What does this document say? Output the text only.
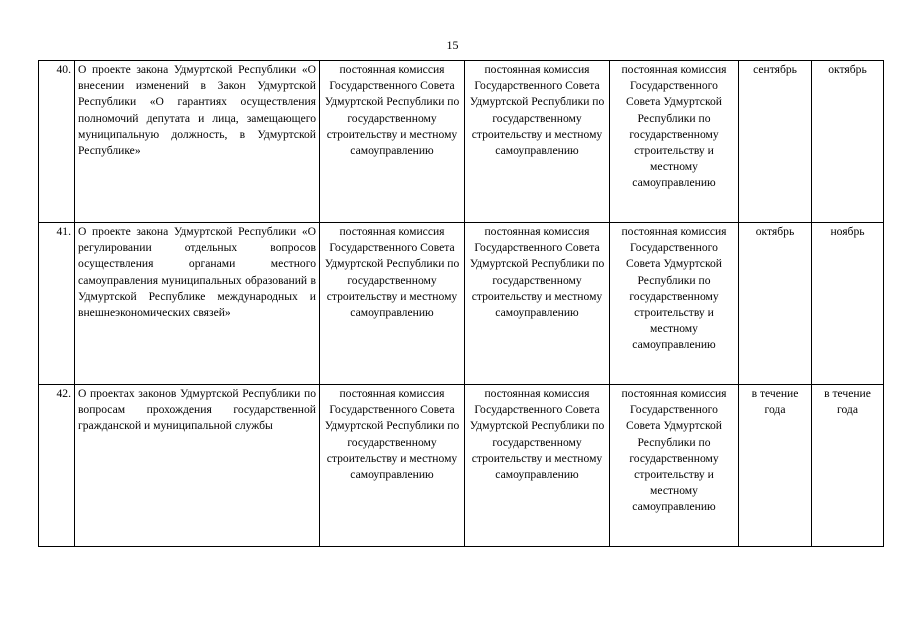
15
40.	О проекте закона Удмуртской Республики «О внесении изменений в Закон Удмуртской Республики «О гарантиях осуществления полномочий депутата и лица, замещающего муниципальную должность, в Удмуртской Республике»	постоянная комиссия Государственного Совета Удмуртской Республики по государственному строительству и местному самоуправлению	постоянная комиссия Государственного Совета Удмуртской Республики по государственному строительству и местному самоуправлению	постоянная комиссия Государственного Совета Удмуртской Республики по государственному строительству и местному самоуправлению	сентябрь	октябрь
41.	О проекте закона Удмуртской Республики «О регулировании отдельных вопросов осуществления органами местного самоуправления муниципальных образований в Удмуртской Республике международных и внешнеэкономических связей»	постоянная комиссия Государственного Совета Удмуртской Республики по государственному строительству и местному самоуправлению	постоянная комиссия Государственного Совета Удмуртской Республики по государственному строительству и местному самоуправлению	постоянная комиссия Государственного Совета Удмуртской Республики по государственному строительству и местному самоуправлению	октябрь	ноябрь
42.	О проектах законов Удмуртской Республики по вопросам прохождения государственной гражданской и муниципальной службы	постоянная комиссия Государственного Совета Удмуртской Республики по государственному строительству и местному самоуправлению	постоянная комиссия Государственного Совета Удмуртской Республики по государственному строительству и местному самоуправлению	постоянная комиссия Государственного Совета Удмуртской Республики по государственному строительству и местному самоуправлению	в течение года	в течение года
